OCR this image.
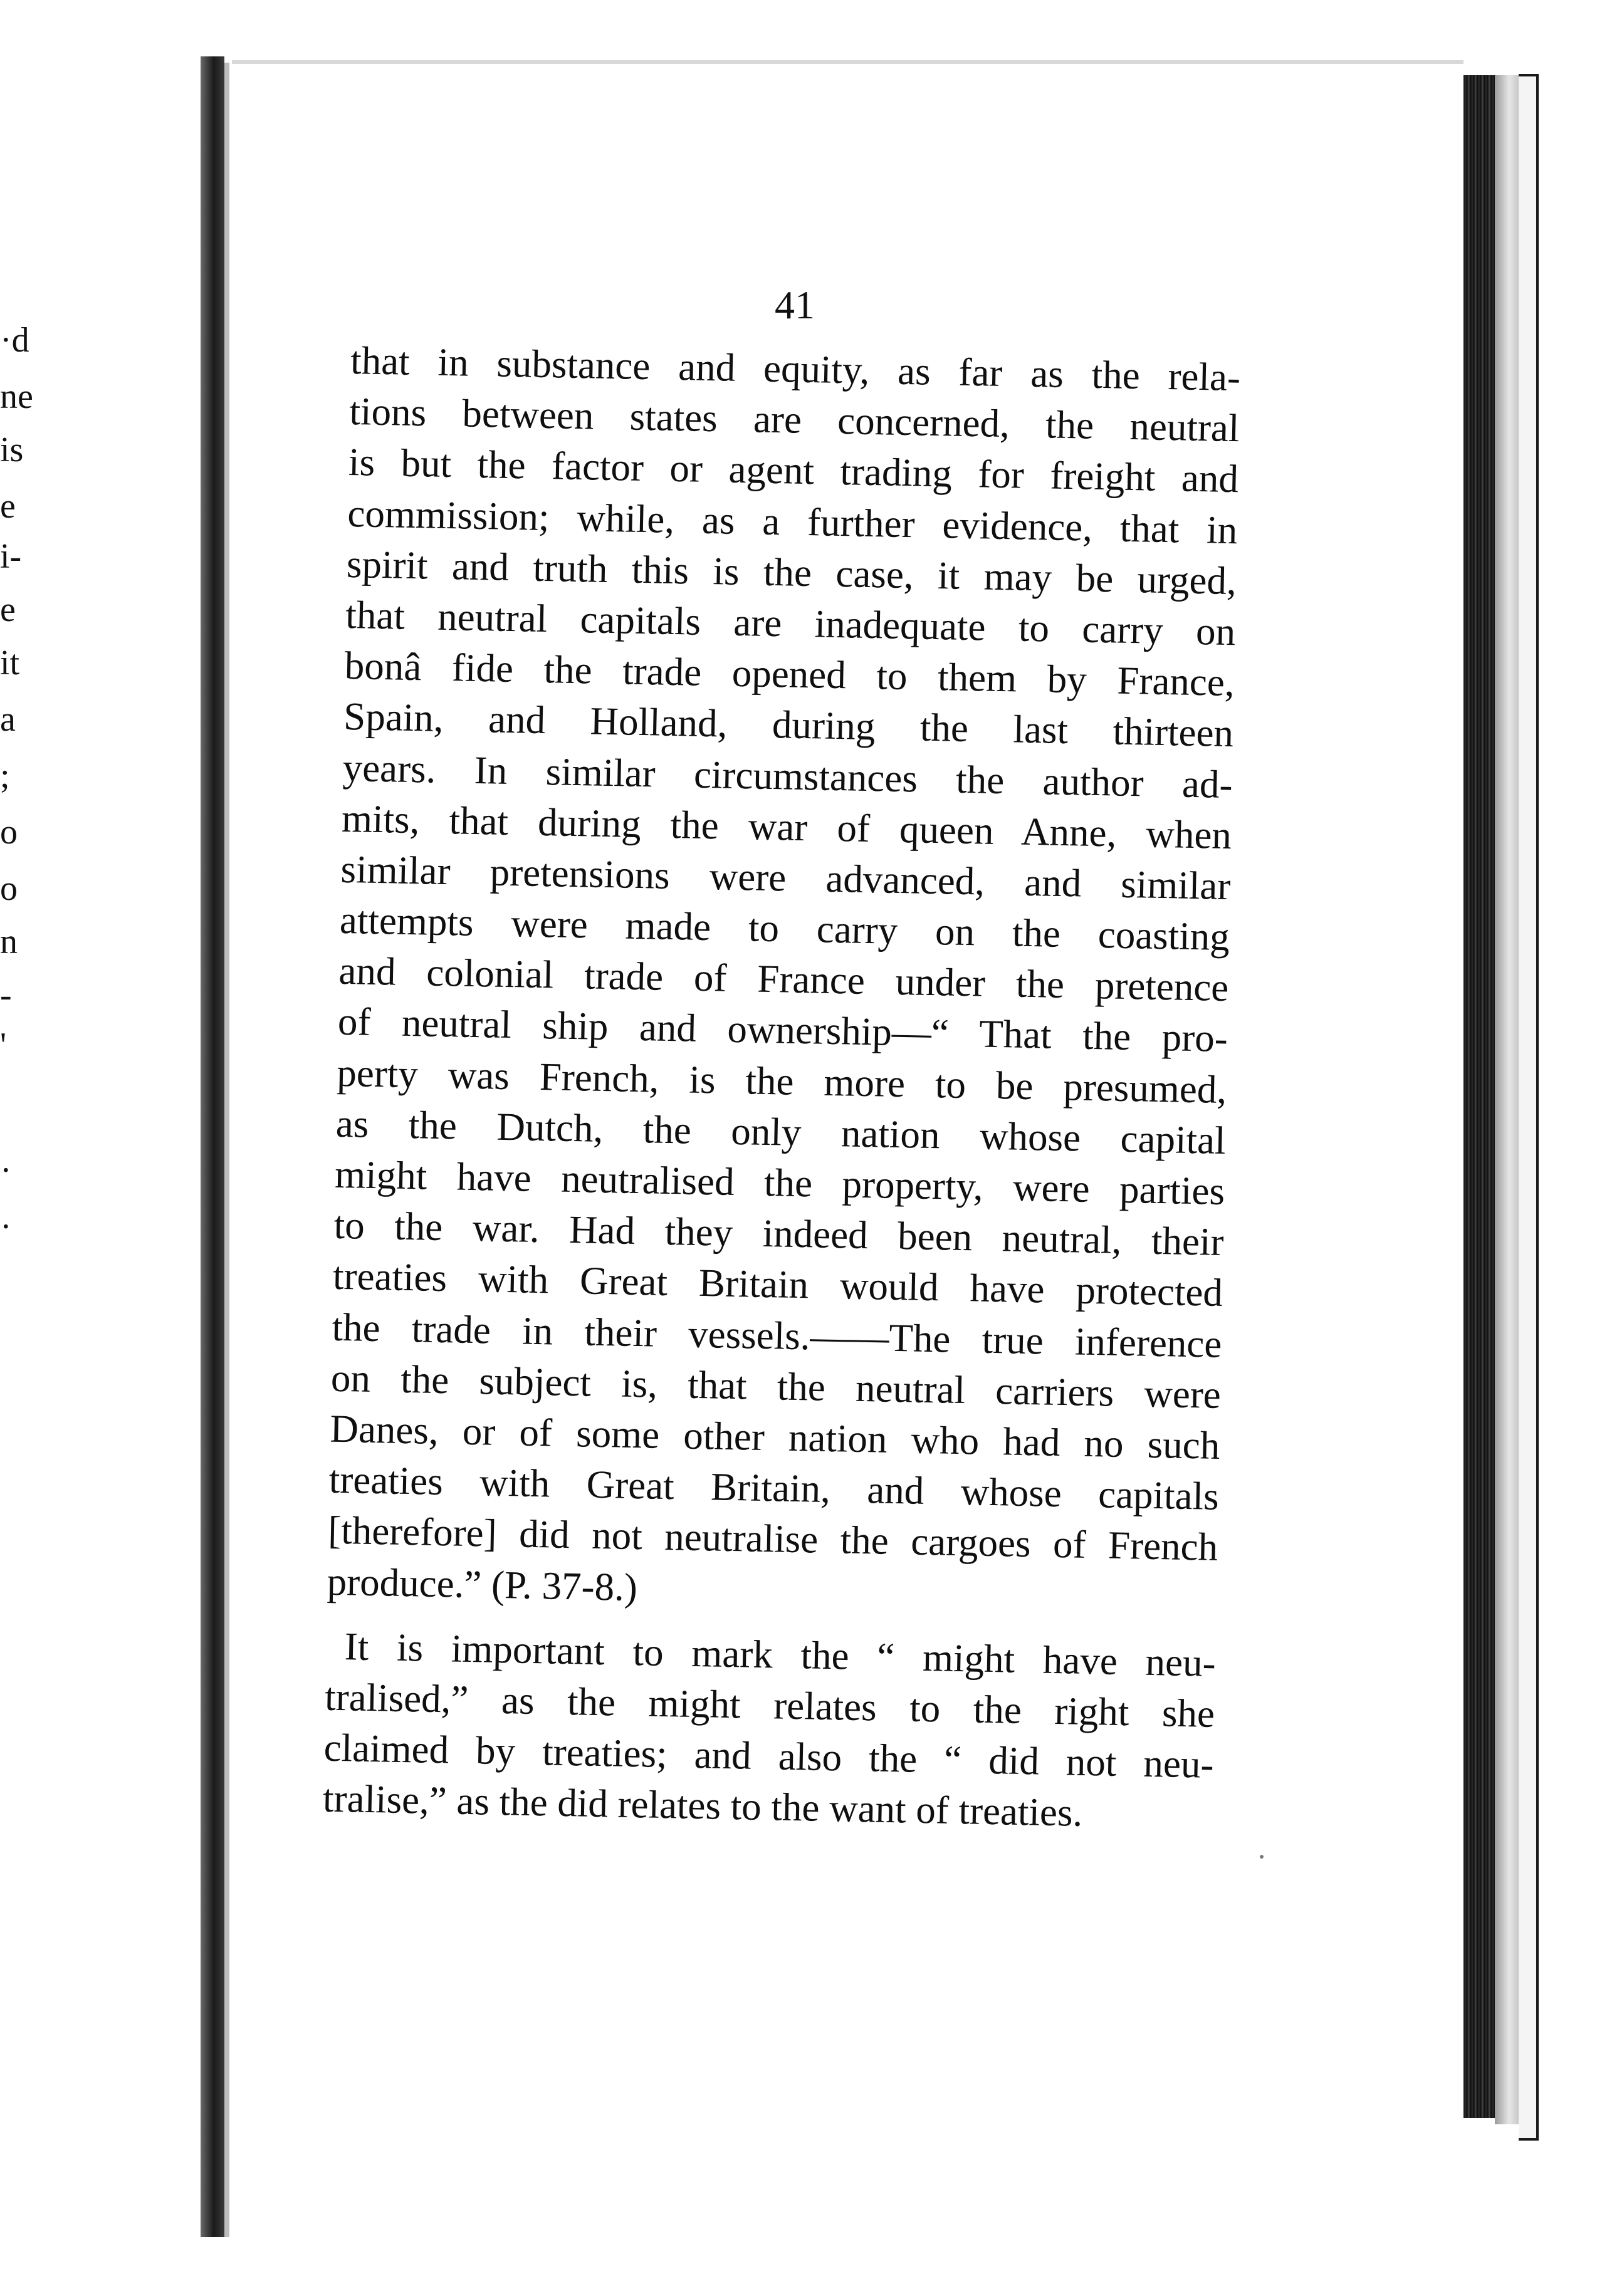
·d
ne
is
e
i-
e
it
a
;
o
o
n
-
'
·
·
41
that in substance and equity, as far as the rela-
tions between states are concerned, the neutral
is but the factor or agent trading for freight and
commission; while, as a further evidence, that in
spirit and truth this is the case, it may be urged,
that neutral capitals are inadequate to carry on
bonâ fide the trade opened to them by France,
Spain, and Holland, during the last thirteen
years. In similar circumstances the author ad-
mits, that during the war of queen Anne, when
similar pretensions were advanced, and similar
attempts were made to carry on the coasting
and colonial trade of France under the pretence
of neutral ship and ownership—“ That the pro-
perty was French, is the more to be presumed,
as the Dutch, the only nation whose capital
might have neutralised the property, were parties
to the war. Had they indeed been neutral, their
treaties with Great Britain would have protected
the trade in their vessels.——The true inference
on the subject is, that the neutral carriers were
Danes, or of some other nation who had no such
treaties with Great Britain, and whose capitals
[therefore] did not neutralise the cargoes of French
produce.” (P. 37-8.)
It is important to mark the “ might have neu-
tralised,” as the might relates to the right she
claimed by treaties; and also the “ did not neu-
tralise,” as the did relates to the want of treaties.
